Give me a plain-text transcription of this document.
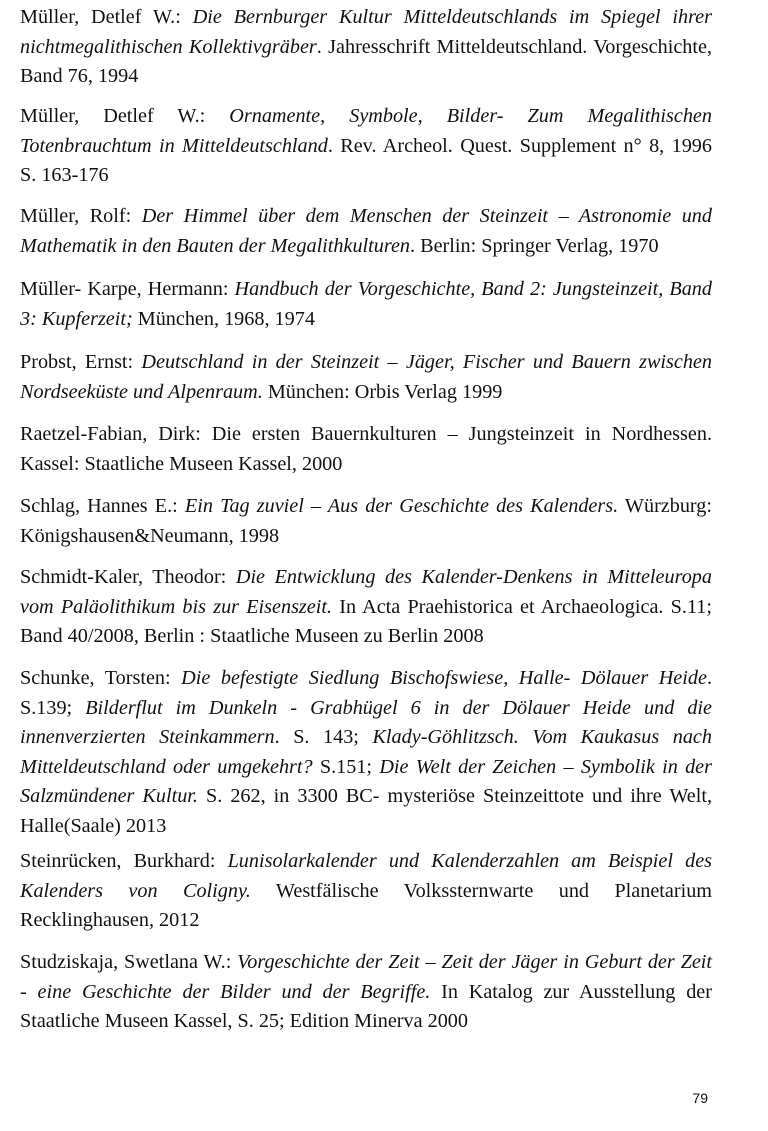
Müller, Detlef W.: Die Bernburger Kultur Mitteldeutschlands im Spiegel ihrer nichtmegalithischen Kollektivgräber. Jahresschrift Mitteldeutschland. Vorgeschichte, Band 76, 1994

Müller, Detlef W.: Ornamente, Symbole, Bilder- Zum Megalithischen Totenbrauchtum in Mitteldeutschland. Rev. Archeol. Quest. Supplement n° 8, 1996 S. 163-176

Müller, Rolf: Der Himmel über dem Menschen der Steinzeit – Astronomie und Mathematik in den Bauten der Megalithkulturen. Berlin: Springer Verlag, 1970

Müller- Karpe, Hermann: Handbuch der Vorgeschichte, Band 2: Jungsteinzeit, Band 3: Kupferzeit; München, 1968, 1974

Probst, Ernst: Deutschland in der Steinzeit – Jäger, Fischer und Bauern zwischen Nordseeküste und Alpenraum. München: Orbis Verlag 1999

Raetzel-Fabian, Dirk: Die ersten Bauernkulturen – Jungsteinzeit in Nordhessen. Kassel: Staatliche Museen Kassel, 2000

Schlag, Hannes E.: Ein Tag zuviel – Aus der Geschichte des Kalenders. Würzburg: Königshausen&Neumann, 1998

Schmidt-Kaler, Theodor: Die Entwicklung des Kalender-Denkens in Mitteleuropa vom Paläolithikum bis zur Eisenszeit. In Acta Praehistorica et Archaeologica. S.11; Band 40/2008, Berlin : Staatliche Museen zu Berlin 2008

Schunke, Torsten: Die befestigte Siedlung Bischofswiese, Halle- Dölauer Heide. S.139; Bilderflut im Dunkeln - Grabhügel 6 in der Dölauer Heide und die innenverzierten Steinkammern. S. 143; Klady-Göhlitzsch. Vom Kaukasus nach Mitteldeutschland oder umgekehrt? S.151; Die Welt der Zeichen – Symbolik in der Salzmündener Kultur. S. 262, in 3300 BC- mysteriöse Steinzeittote und ihre Welt, Halle(Saale) 2013

Steinrücken, Burkhard: Lunisolarkalender und Kalenderzahlen am Beispiel des Kalenders von Coligny. Westfälische Volkssternwarte und Planetarium Recklinghausen, 2012

Studziskaja, Swetlana W.: Vorgeschichte der Zeit – Zeit der Jäger in Geburt der Zeit - eine Geschichte der Bilder und der Begriffe. In Katalog zur Ausstellung der Staatliche Museen Kassel, S. 25; Edition Minerva 2000

79
